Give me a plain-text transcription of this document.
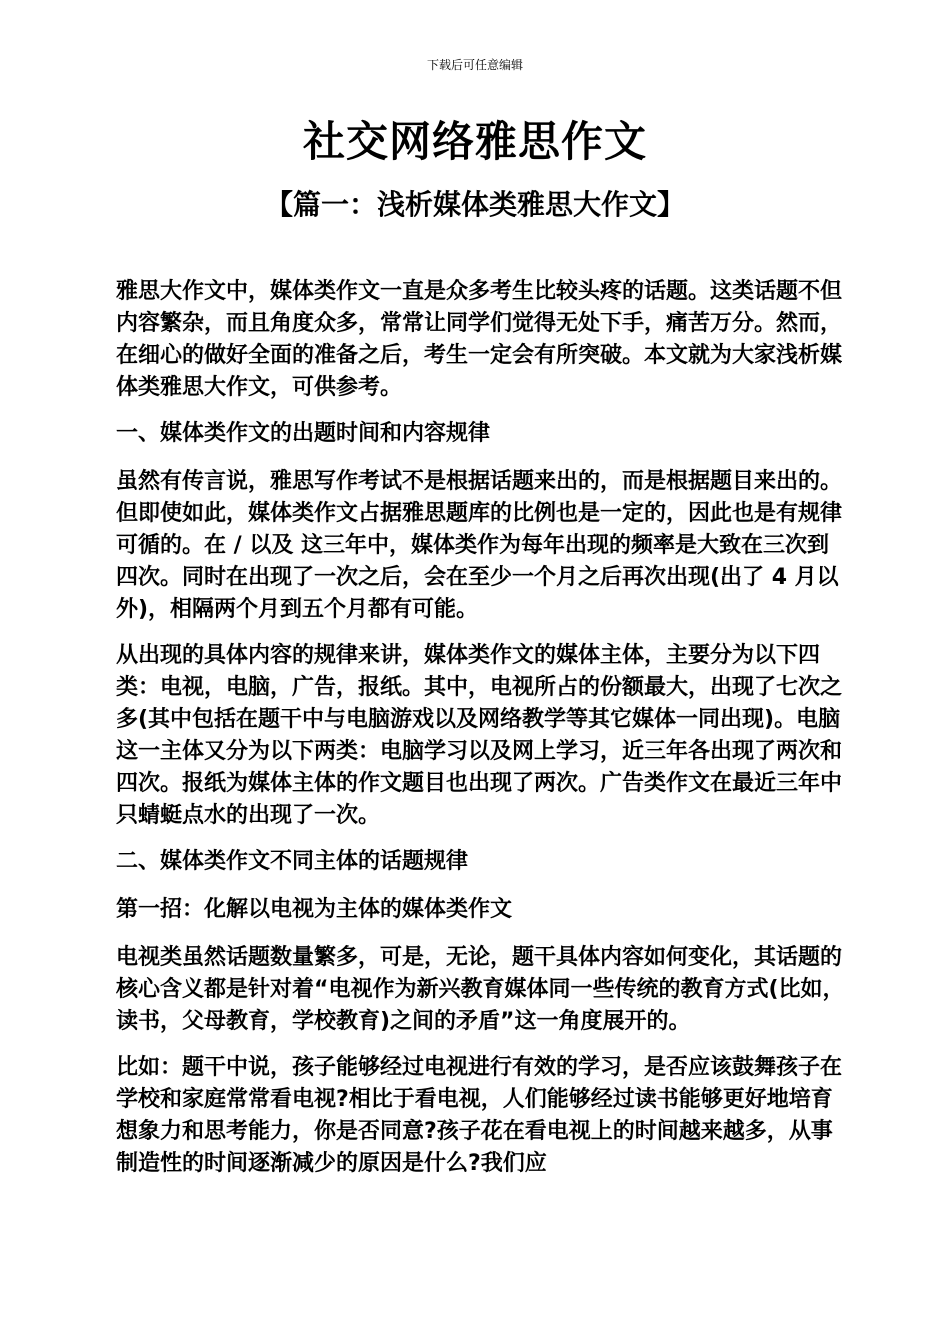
下载后可任意编辑
社交网络雅思作文
【篇一：浅析媒体类雅思大作文】

雅思大作文中，媒体类作文一直是众多考生比较头疼的话题。这类话题不但内容繁杂，而且角度众多，常常让同学们觉得无处下手，痛苦万分。然而，在细心的做好全面的准备之后，考生一定会有所突破。本文就为大家浅析媒体类雅思大作文，可供参考。

一、媒体类作文的出题时间和内容规律

虽然有传言说，雅思写作考试不是根据话题来出的，而是根据题目来出的。但即使如此，媒体类作文占据雅思题库的比例也是一定的，因此也是有规律可循的。在 / 以及 这三年中，媒体类作为每年出现的频率是大致在三次到四次。同时在出现了一次之后，会在至少一个月之后再次出现(出了 4 月以外)，相隔两个月到五个月都有可能。

从出现的具体内容的规律来讲，媒体类作文的媒体主体，主要分为以下四类：电视，电脑，广告，报纸。其中，电视所占的份额最大，出现了七次之多(其中包括在题干中与电脑游戏以及网络教学等其它媒体一同出现)。电脑这一主体又分为以下两类：电脑学习以及网上学习，近三年各出现了两次和四次。报纸为媒体主体的作文题目也出现了两次。广告类作文在最近三年中只蜻蜓点水的出现了一次。

二、媒体类作文不同主体的话题规律

第一招：化解以电视为主体的媒体类作文

电视类虽然话题数量繁多，可是，无论，题干具体内容如何变化，其话题的核心含义都是针对着“电视作为新兴教育媒体同一些传统的教育方式(比如，读书，父母教育，学校教育)之间的矛盾”这一角度展开的。

比如：题干中说，孩子能够经过电视进行有效的学习，是否应该鼓舞孩子在学校和家庭常常看电视?相比于看电视，人们能够经过读书能够更好地培育想象力和思考能力，你是否同意?孩子花在看电视上的时间越来越多，从事制造性的时间逐渐减少的原因是什么?我们应
